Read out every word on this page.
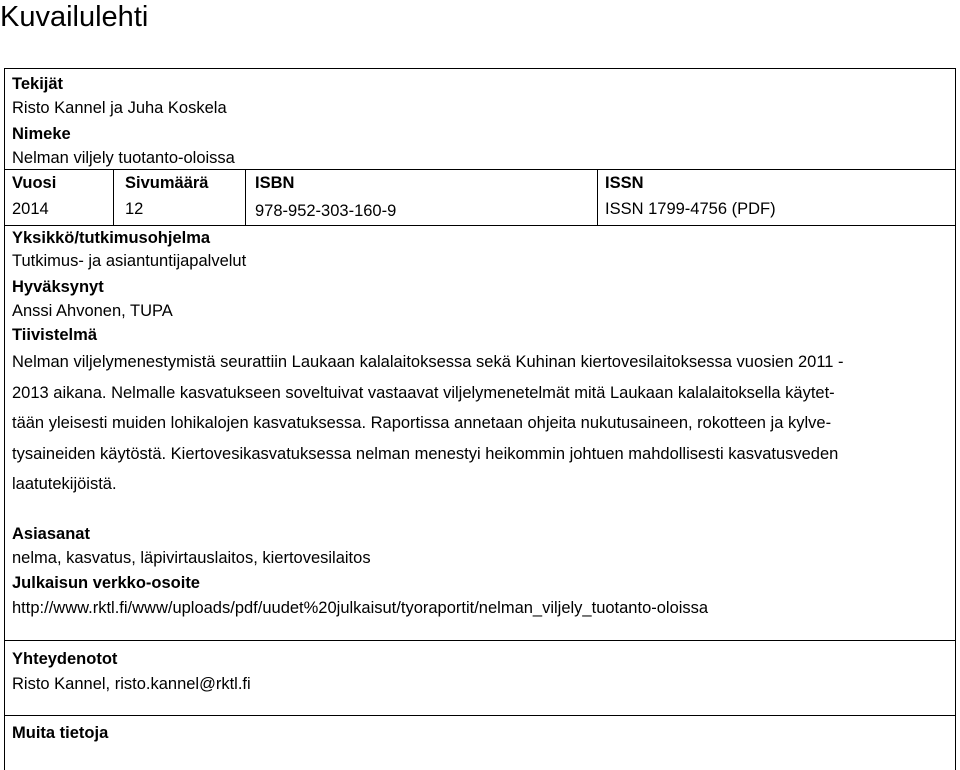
Kuvailulehti
Tekijät
Risto Kannel ja Juha Koskela
Nimeke
Nelman viljely tuotanto-oloissa
Vuosi
2014
Sivumäärä
12
ISBN
978-952-303-160-9
ISSN
ISSN 1799-4756 (PDF)
Yksikkö/tutkimusohjelma
Tutkimus- ja asiantuntijapalvelut
Hyväksynyt
Anssi Ahvonen, TUPA
Tiivistelmä
Nelman viljelymenestymistä seurattiin Laukaan kalalaitoksessa sekä Kuhinan kiertovesilaitoksessa vuosien 2011 -
2013 aikana. Nelmalle kasvatukseen soveltuivat vastaavat viljelymenetelmät mitä Laukaan kalalaitoksella käytet-
tään yleisesti muiden lohikalojen kasvatuksessa. Raportissa annetaan ohjeita nukutusaineen, rokotteen ja kylve-
tysaineiden käytöstä. Kiertovesikasvatuksessa nelman menestyi heikommin johtuen mahdollisesti kasvatusveden
laatutekijöistä.
Asiasanat
nelma, kasvatus, läpivirtauslaitos, kiertovesilaitos
Julkaisun verkko-osoite
http://www.rktl.fi/www/uploads/pdf/uudet%20julkaisut/tyoraportit/nelman_viljely_tuotanto-oloissa
Yhteydenotot
Risto Kannel, risto.kannel@rktl.fi
Muita tietoja
